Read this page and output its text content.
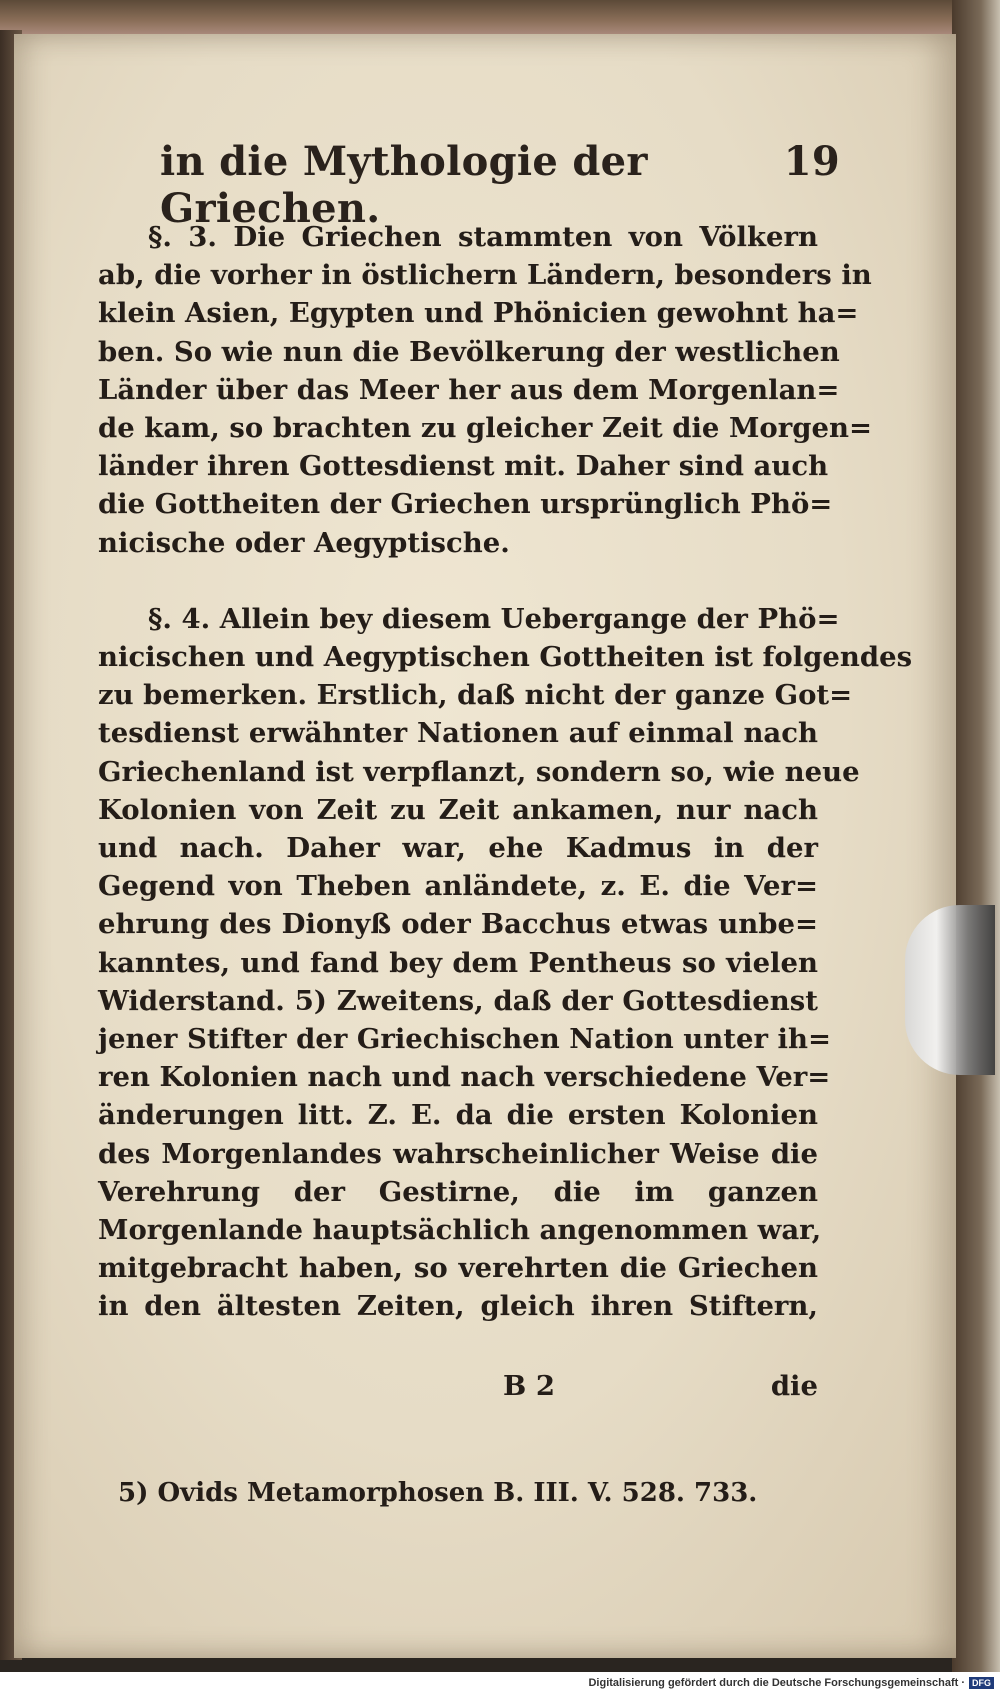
in die Mythologie der Griechen.
19
§. 3. Die Griechen stammten von Völkern
ab, die vorher in östlichern Ländern, besonders in
klein Asien, Egypten und Phönicien gewohnt ha=
ben. So wie nun die Bevölkerung der westlichen
Länder über das Meer her aus dem Morgenlan=
de kam, so brachten zu gleicher Zeit die Morgen=
länder ihren Gottesdienst mit. Daher sind auch
die Gottheiten der Griechen ursprünglich Phö=
nicische oder Aegyptische.
§. 4. Allein bey diesem Uebergange der Phö=
nicischen und Aegyptischen Gottheiten ist folgendes
zu bemerken. Erstlich, daß nicht der ganze Got=
tesdienst erwähnter Nationen auf einmal nach
Griechenland ist verpflanzt, sondern so, wie neue
Kolonien von Zeit zu Zeit ankamen, nur nach
und nach. Daher war, ehe Kadmus in der
Gegend von Theben anländete, z. E. die Ver=
ehrung des Dionyß oder Bacchus etwas unbe=
kanntes, und fand bey dem Pentheus so vielen
Widerstand. 5) Zweitens, daß der Gottesdienst
jener Stifter der Griechischen Nation unter ih=
ren Kolonien nach und nach verschiedene Ver=
änderungen litt. Z. E. da die ersten Kolonien
des Morgenlandes wahrscheinlicher Weise die
Verehrung der Gestirne, die im ganzen
Morgenlande hauptsächlich angenommen war,
mitgebracht haben, so verehrten die Griechen
in den ältesten Zeiten, gleich ihren Stiftern,
B 2	die
5) Ovids Metamorphosen B. III. V. 528. 733.
Digitalisierung gefördert durch die Deutsche Forschungsgemeinschaft · DFG
